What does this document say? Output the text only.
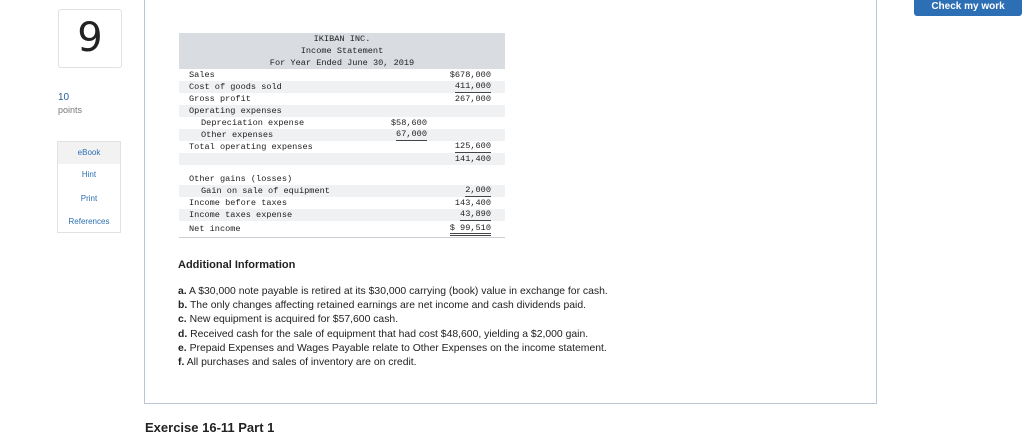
Check my work
9
10
points
eBook
Hint
Print
References
IKIBAN INC.
Income Statement
For Year Ended June 30, 2019
Sales	$678,000
Cost of goods sold	411,000
Gross profit	267,000
Operating expenses
Depreciation expense	$58,600
Other expenses	67,000
Total operating expenses	125,600
141,400
Other gains (losses)
Gain on sale of equipment	2,000
Income before taxes	143,400
Income taxes expense	43,890
Net income	$ 99,510
Additional Information
a. A $30,000 note payable is retired at its $30,000 carrying (book) value in exchange for cash.
b. The only changes affecting retained earnings are net income and cash dividends paid.
c. New equipment is acquired for $57,600 cash.
d. Received cash for the sale of equipment that had cost $48,600, yielding a $2,000 gain.
e. Prepaid Expenses and Wages Payable relate to Other Expenses on the income statement.
f. All purchases and sales of inventory are on credit.
Exercise 16-11 Part 1
